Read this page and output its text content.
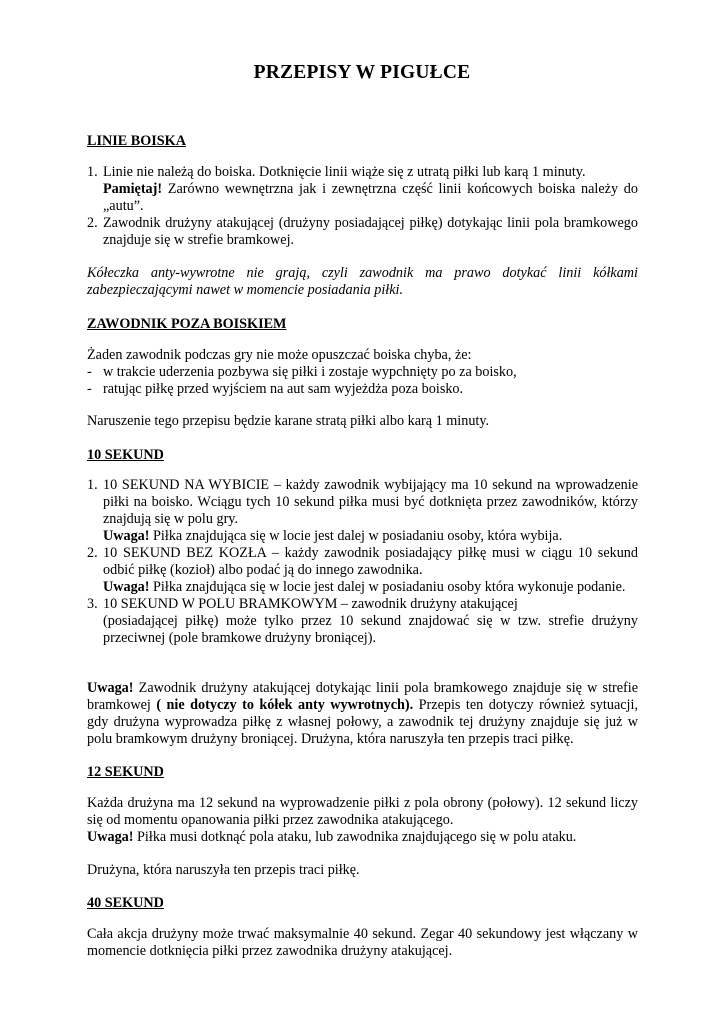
PRZEPISY W PIGUŁCE
LINIE BOISKA
1. Linie nie należą do boiska. Dotknięcie linii wiąże się z utratą piłki lub karą 1 minuty.
Pamiętaj! Zarówno wewnętrzna jak i zewnętrzna część linii końcowych boiska należy do „autu”.
2. Zawodnik drużyny atakującej (drużyny posiadającej piłkę) dotykając linii pola bramkowego znajduje się w strefie bramkowej.
Kółeczka anty-wywrotne nie grają, czyli zawodnik ma prawo dotykać linii kółkami zabezpieczającymi nawet w momencie posiadania piłki.
ZAWODNIK POZA BOISKIEM
Żaden zawodnik podczas gry nie może opuszczać boiska chyba, że:
- w trakcie uderzenia pozbywa się piłki i zostaje wypchnięty po za boisko,
- ratując piłkę przed wyjściem na aut sam wyjeżdża poza boisko.
Naruszenie tego przepisu będzie karane stratą piłki albo karą 1 minuty.
10 SEKUND
1. 10 SEKUND NA WYBICIE – każdy zawodnik wybijający ma 10 sekund na wprowadzenie piłki na boisko. Wciągu tych 10 sekund piłka musi być dotknięta przez zawodników, którzy znajdują się w polu gry.
Uwaga! Piłka znajdująca się w locie jest dalej w posiadaniu osoby, która wybija.
2. 10 SEKUND BEZ KOZŁA – każdy zawodnik posiadający piłkę musi w ciągu 10 sekund odbić piłkę (kozioł) albo podać ją do innego zawodnika.
Uwaga! Piłka znajdująca się w locie jest dalej w posiadaniu osoby która wykonuje podanie.
3. 10 SEKUND W POLU BRAMKOWYM – zawodnik drużyny atakującej
(posiadającej piłkę) może tylko przez 10 sekund znajdować się w tzw. strefie drużyny przeciwnej (pole bramkowe drużyny broniącej).
Uwaga! Zawodnik drużyny atakującej dotykając linii pola bramkowego znajduje się w strefie bramkowej ( nie dotyczy to kółek anty wywrotnych). Przepis ten dotyczy również sytuacji, gdy drużyna wyprowadza piłkę z własnej połowy, a zawodnik tej drużyny znajduje się już w polu bramkowym drużyny broniącej. Drużyna, która naruszyła ten przepis traci piłkę.
12 SEKUND
Każda drużyna ma 12 sekund na wyprowadzenie piłki z pola obrony (połowy). 12 sekund liczy się od momentu opanowania piłki przez zawodnika atakującego.
Uwaga! Piłka musi dotknąć pola ataku, lub zawodnika znajdującego się w polu ataku.
Drużyna, która naruszyła ten przepis traci piłkę.
40 SEKUND
Cała akcja drużyny może trwać maksymalnie 40 sekund. Zegar 40 sekundowy jest włączany w momencie dotknięcia piłki przez zawodnika drużyny atakującej.
